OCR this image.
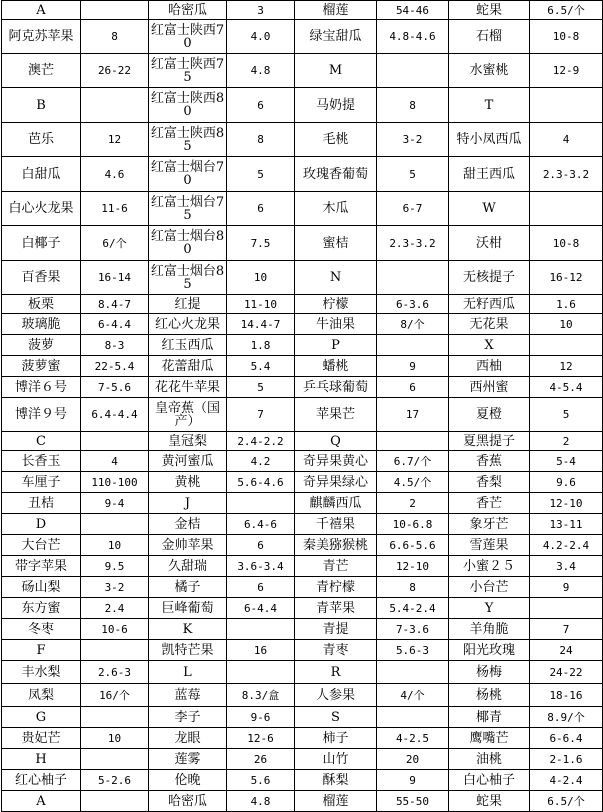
A		哈密瓜	3	榴莲	54-46	蛇果	6.5/个
阿克苏苹果	8	红富士陕西70	4.0	绿宝甜瓜	4.8-4.6	石榴	10-8
澳芒	26-22	红富士陕西75	4.8	M		水蜜桃	12-9
B		红富士陕西80	6	马奶提	8	T	
芭乐	12	红富士陕西85	8	毛桃	3-2	特小凤西瓜	4
白甜瓜	4.6	红富士烟台70	5	玫瑰香葡萄	5	甜王西瓜	2.3-3.2
白心火龙果	11-6	红富士烟台75	6	木瓜	6-7	W	
白椰子	6/个	红富士烟台80	7.5	蜜桔	2.3-3.2	沃柑	10-8
百香果	16-14	红富士烟台85	10	N		无核提子	16-12
板栗	8.4-7	红提	11-10	柠檬	6-3.6	无籽西瓜	1.6
玻璃脆	6-4.4	红心火龙果	14.4-7	牛油果	8/个	无花果	10
菠萝	8-3	红玉西瓜	1.8	P		X	
菠萝蜜	22-5.4	花蕾甜瓜	5.4	蟠桃	9	西柚	12
博洋６号	7-5.6	花花牛苹果	5	乒乓球葡萄	6	西州蜜	4-5.4
博洋９号	6.4-4.4	皇帝蕉（国产）	7	苹果芒	17	夏橙	5
C		皇冠梨	2.4-2.2	Q		夏黑提子	2
长香玉	4	黄河蜜瓜	4.2	奇异果黄心	6.7/个	香蕉	5-4
车厘子	110-100	黄桃	5.6-4.6	奇异果绿心	4.5/个	香梨	9.6
丑桔	9-4	J		麒麟西瓜	2	香芒	12-10
D		金桔	6.4-6	千禧果	10-6.8	象牙芒	13-11
大台芒	10	金帅苹果	6	秦美猕猴桃	6.6-5.6	雪莲果	4.2-2.4
带字苹果	9.5	久甜瑞	3.6-3.4	青芒	12-10	小蜜２５	3.4
砀山梨	3-2	橘子	6	青柠檬	8	小台芒	9
东方蜜	2.4	巨峰葡萄	6-4.4	青苹果	5.4-2.4	Y	
冬枣	10-6	K		青提	7-3.6	羊角脆	7
F		凯特芒果	16	青枣	5.6-3	阳光玫瑰	24
丰水梨	2.6-3	L		R		杨梅	24-22
凤梨	16/个	蓝莓	8.3/盒	人参果	4/个	杨桃	18-16
G		李子	9-6	S		椰青	8.9/个
贵妃芒	10	龙眼	12-6	柿子	4-2.5	鹰嘴芒	6-6.4
H		莲雾	26	山竹	20	油桃	2-1.6
红心柚子	5-2.6	伦晚	5.6	酥梨	9	白心柚子	4-2.4
A		哈密瓜	4.8	榴莲	55-50	蛇果	6.5/个
